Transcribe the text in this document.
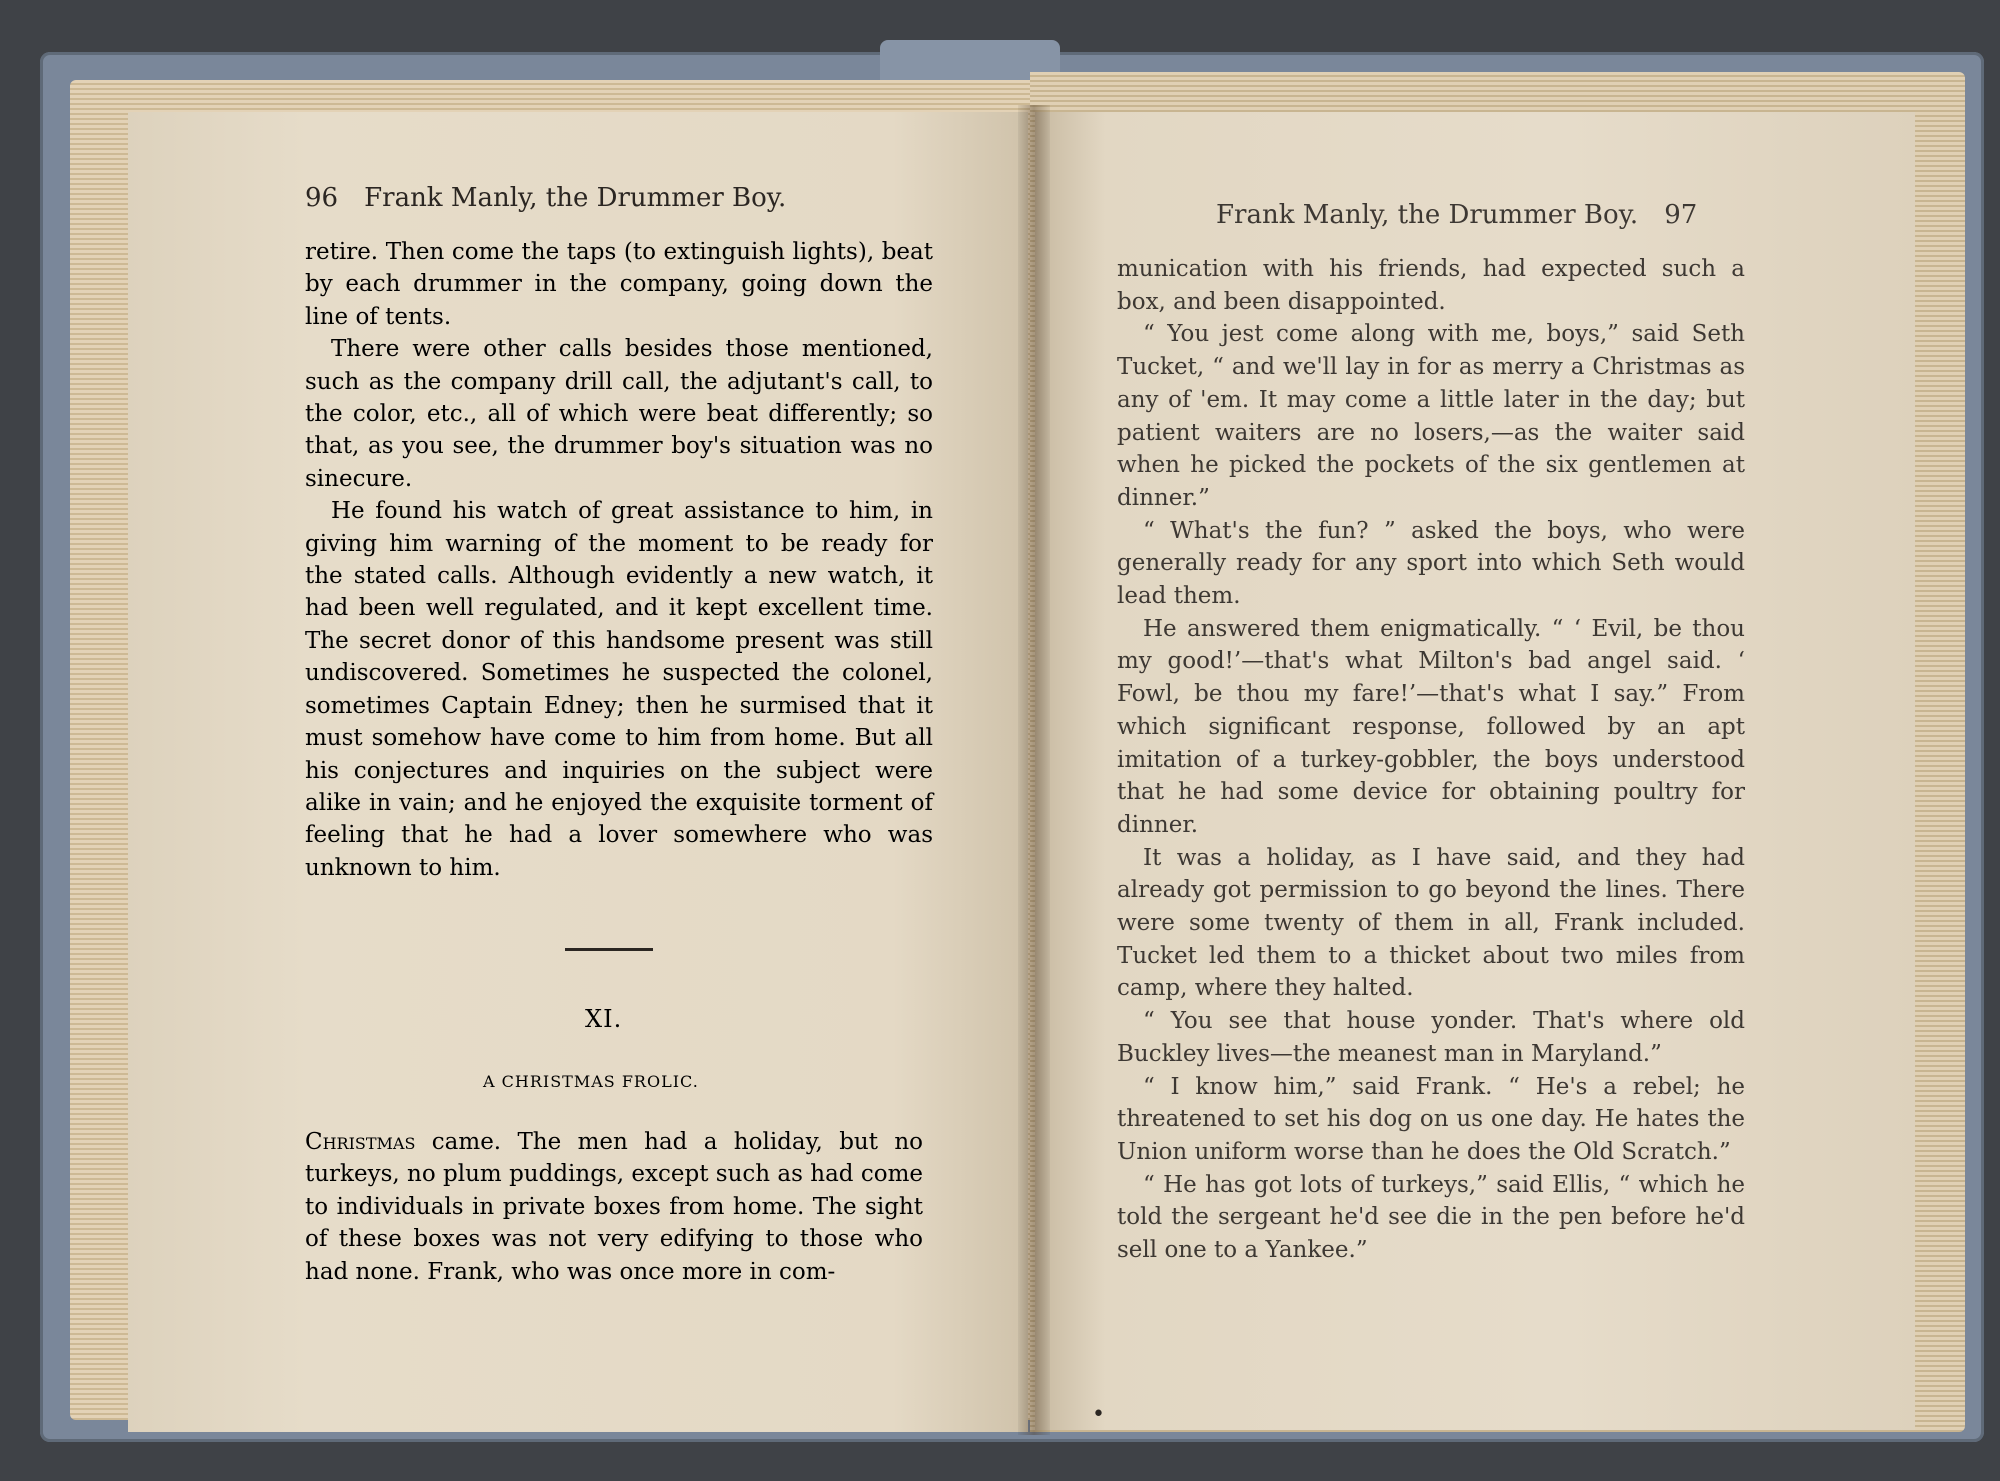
96 Frank Manly, the Drummer Boy.

retire. Then come the taps (to extinguish lights), beat by each drummer in the company, going down the line of tents.

There were other calls besides those mentioned, such as the company drill call, the adjutant's call, to the color, etc., all of which were beat differently; so that, as you see, the drummer boy's situation was no sinecure.

He found his watch of great assistance to him, in giving him warning of the moment to be ready for the stated calls. Although evidently a new watch, it had been well regulated, and it kept excellent time. The secret donor of this handsome present was still undiscovered. Sometimes he suspected the colonel, sometimes Captain Edney; then he surmised that it must somehow have come to him from home. But all his conjectures and inquiries on the subject were alike in vain; and he enjoyed the exquisite torment of feeling that he had a lover somewhere who was unknown to him.

XI.
A CHRISTMAS FROLIC.

Christmas came. The men had a holiday, but no turkeys, no plum puddings, except such as had come to individuals in private boxes from home. The sight of these boxes was not very edifying to those who had none. Frank, who was once more in com-

Frank Manly, the Drummer Boy. 97

munication with his friends, had expected such a box, and been disappointed.

“ You jest come along with me, boys,” said Seth Tucket, “ and we'll lay in for as merry a Christmas as any of 'em. It may come a little later in the day; but patient waiters are no losers,—as the waiter said when he picked the pockets of the six gentlemen at dinner.”

“ What's the fun? ” asked the boys, who were generally ready for any sport into which Seth would lead them.

He answered them enigmatically. “ ‘ Evil, be thou my good!’—that's what Milton's bad angel said. ‘ Fowl, be thou my fare!’—that's what I say.” From which significant response, followed by an apt imitation of a turkey-gobbler, the boys understood that he had some device for obtaining poultry for dinner.

It was a holiday, as I have said, and they had already got permission to go beyond the lines. There were some twenty of them in all, Frank included. Tucket led them to a thicket about two miles from camp, where they halted.

“ You see that house yonder. That's where old Buckley lives—the meanest man in Maryland.”

“ I know him,” said Frank. “ He's a rebel; he threatened to set his dog on us one day. He hates the Union uniform worse than he does the Old Scratch.”

“ He has got lots of turkeys,” said Ellis, “ which he told the sergeant he'd see die in the pen before he'd sell one to a Yankee.”

•
